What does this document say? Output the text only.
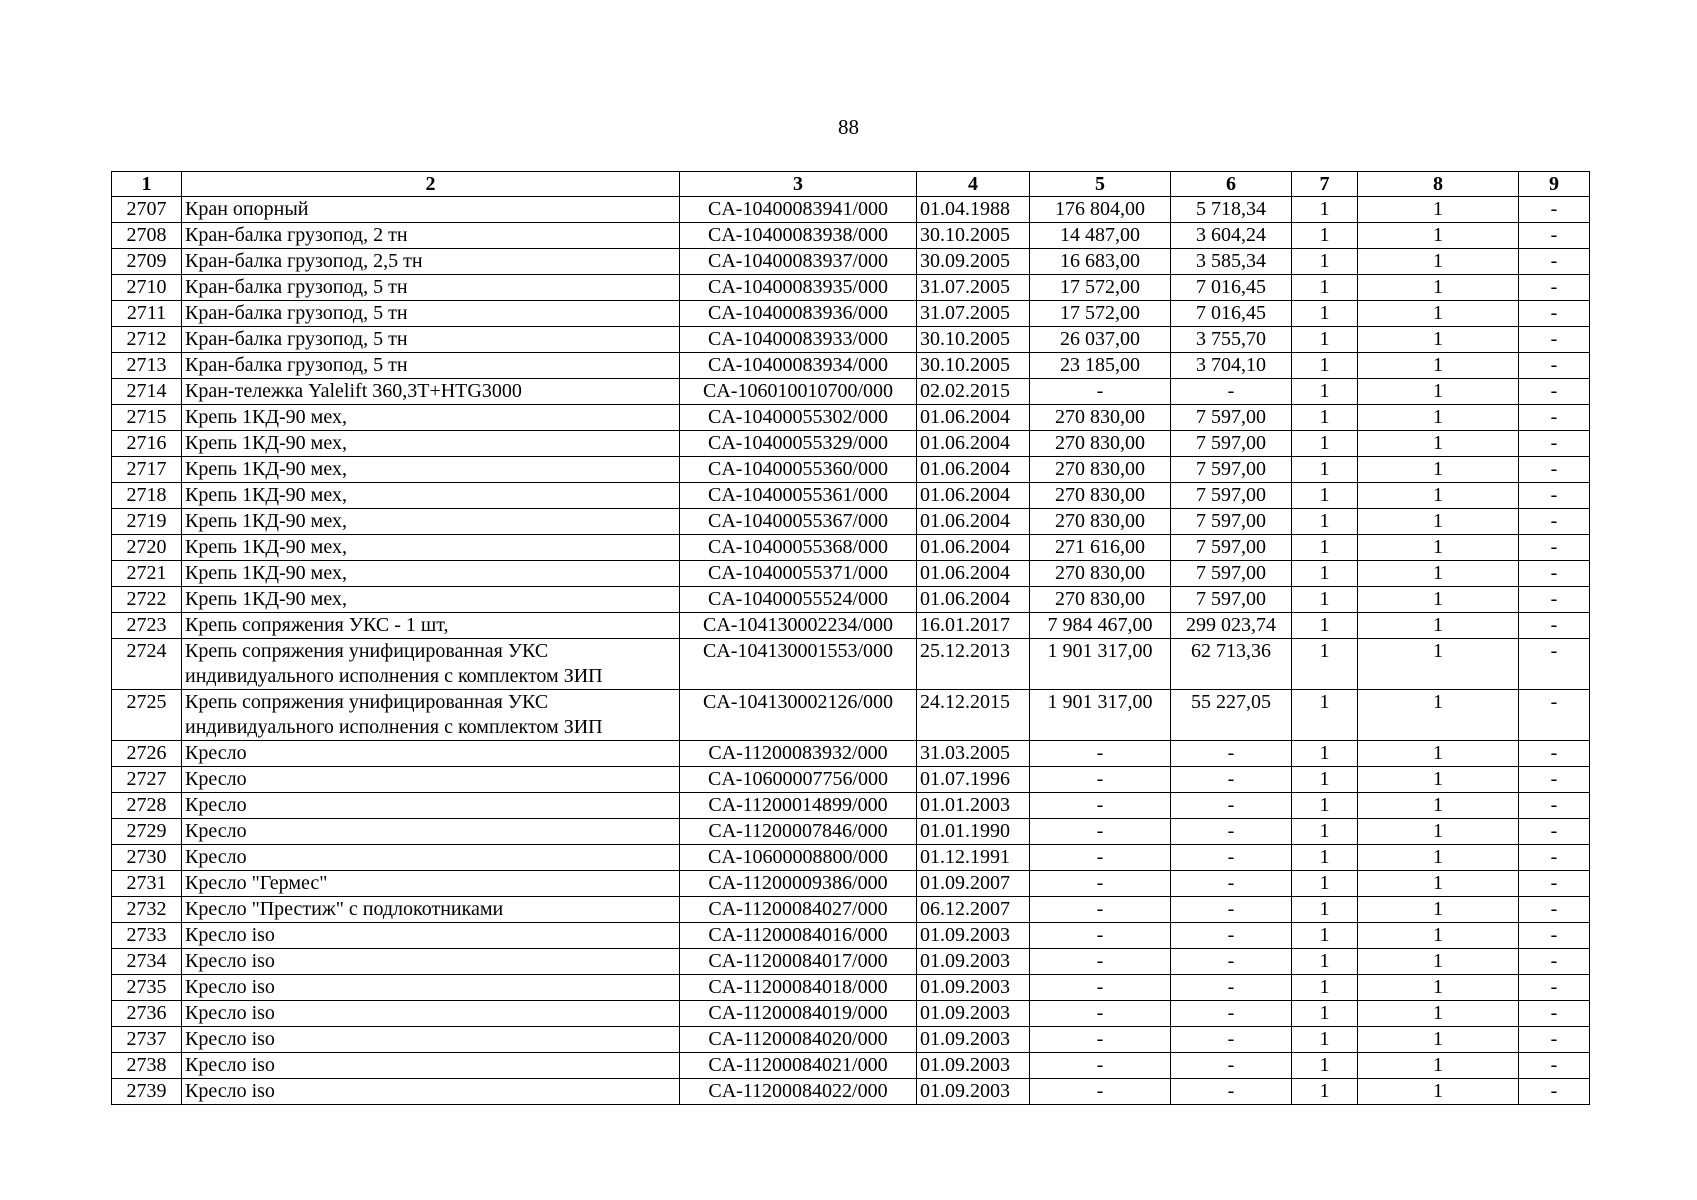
88
1	2	3	4	5	6	7	8	9
2707	Кран опорный	CA-10400083941/000	01.04.1988	176 804,00	5 718,34	1	1	-
2708	Кран-балка грузопод, 2 тн	CA-10400083938/000	30.10.2005	14 487,00	3 604,24	1	1	-
2709	Кран-балка грузопод, 2,5 тн	CA-10400083937/000	30.09.2005	16 683,00	3 585,34	1	1	-
2710	Кран-балка грузопод, 5 тн	CA-10400083935/000	31.07.2005	17 572,00	7 016,45	1	1	-
2711	Кран-балка грузопод, 5 тн	CA-10400083936/000	31.07.2005	17 572,00	7 016,45	1	1	-
2712	Кран-балка грузопод, 5 тн	CA-10400083933/000	30.10.2005	26 037,00	3 755,70	1	1	-
2713	Кран-балка грузопод, 5 тн	CA-10400083934/000	30.10.2005	23 185,00	3 704,10	1	1	-
2714	Кран-тележка Yalelift 360,3T+HTG3000	CA-106010010700/000	02.02.2015	-	-	1	1	-
2715	Крепь 1КД-90 мех,	CA-10400055302/000	01.06.2004	270 830,00	7 597,00	1	1	-
2716	Крепь 1КД-90 мех,	CA-10400055329/000	01.06.2004	270 830,00	7 597,00	1	1	-
2717	Крепь 1КД-90 мех,	CA-10400055360/000	01.06.2004	270 830,00	7 597,00	1	1	-
2718	Крепь 1КД-90 мех,	CA-10400055361/000	01.06.2004	270 830,00	7 597,00	1	1	-
2719	Крепь 1КД-90 мех,	CA-10400055367/000	01.06.2004	270 830,00	7 597,00	1	1	-
2720	Крепь 1КД-90 мех,	CA-10400055368/000	01.06.2004	271 616,00	7 597,00	1	1	-
2721	Крепь 1КД-90 мех,	CA-10400055371/000	01.06.2004	270 830,00	7 597,00	1	1	-
2722	Крепь 1КД-90 мех,	CA-10400055524/000	01.06.2004	270 830,00	7 597,00	1	1	-
2723	Крепь сопряжения УКС - 1 шт,	CA-104130002234/000	16.01.2017	7 984 467,00	299 023,74	1	1	-
2724	Крепь сопряжения унифицированная УКС индивидуального исполнения с комплектом ЗИП	CA-104130001553/000	25.12.2013	1 901 317,00	62 713,36	1	1	-
2725	Крепь сопряжения унифицированная УКС индивидуального исполнения с комплектом ЗИП	CA-104130002126/000	24.12.2015	1 901 317,00	55 227,05	1	1	-
2726	Кресло	CA-11200083932/000	31.03.2005	-	-	1	1	-
2727	Кресло	CA-10600007756/000	01.07.1996	-	-	1	1	-
2728	Кресло	CA-11200014899/000	01.01.2003	-	-	1	1	-
2729	Кресло	CA-11200007846/000	01.01.1990	-	-	1	1	-
2730	Кресло	CA-10600008800/000	01.12.1991	-	-	1	1	-
2731	Кресло "Гермес"	CA-11200009386/000	01.09.2007	-	-	1	1	-
2732	Кресло "Престиж" с подлокотниками	CA-11200084027/000	06.12.2007	-	-	1	1	-
2733	Кресло iso	CA-11200084016/000	01.09.2003	-	-	1	1	-
2734	Кресло iso	CA-11200084017/000	01.09.2003	-	-	1	1	-
2735	Кресло iso	CA-11200084018/000	01.09.2003	-	-	1	1	-
2736	Кресло iso	CA-11200084019/000	01.09.2003	-	-	1	1	-
2737	Кресло iso	CA-11200084020/000	01.09.2003	-	-	1	1	-
2738	Кресло iso	CA-11200084021/000	01.09.2003	-	-	1	1	-
2739	Кресло iso	CA-11200084022/000	01.09.2003	-	-	1	1	-
